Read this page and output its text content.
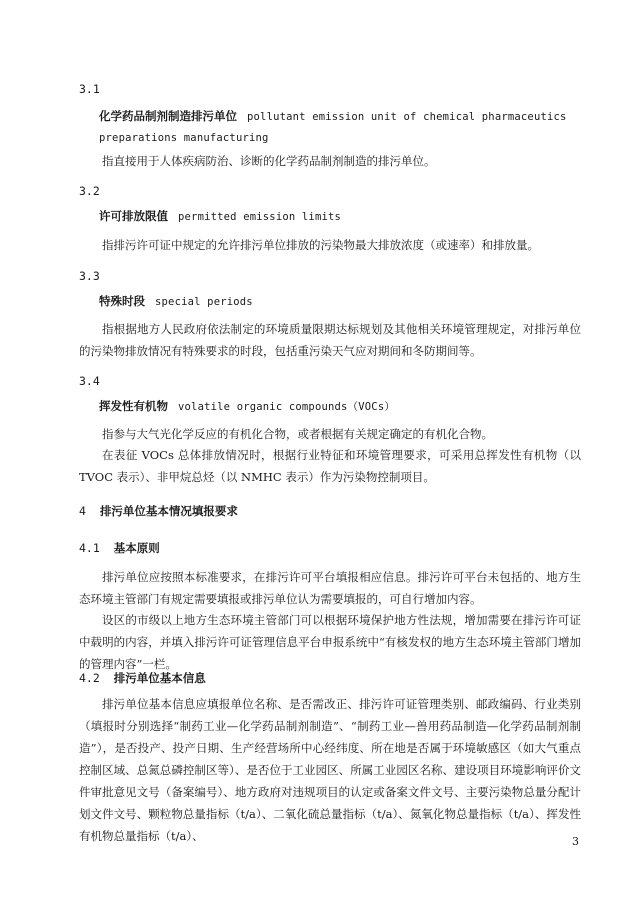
3.1
化学药品制剂制造排污单位 pollutant emission unit of chemical pharmaceutics preparations manufacturing
指直接用于人体疾病防治、诊断的化学药品制剂制造的排污单位。
3.2
许可排放限值 permitted emission limits
指排污许可证中规定的允许排污单位排放的污染物最大排放浓度（或速率）和排放量。
3.3
特殊时段 special periods
指根据地方人民政府依法制定的环境质量限期达标规划及其他相关环境管理规定，对排污单位的污染物排放情况有特殊要求的时段，包括重污染天气应对期间和冬防期间等。
3.4
挥发性有机物 volatile organic compounds（VOCs）
指参与大气光化学反应的有机化合物，或者根据有关规定确定的有机化合物。
在表征 VOCs 总体排放情况时，根据行业特征和环境管理要求，可采用总挥发性有机物（以 TVOC 表示）、非甲烷总烃（以 NMHC 表示）作为污染物控制项目。
4 排污单位基本情况填报要求
4.1 基本原则
排污单位应按照本标准要求，在排污许可平台填报相应信息。排污许可平台未包括的、地方生态环境主管部门有规定需要填报或排污单位认为需要填报的，可自行增加内容。
设区的市级以上地方生态环境主管部门可以根据环境保护地方性法规，增加需要在排污许可证中载明的内容，并填入排污许可证管理信息平台申报系统中“有核发权的地方生态环境主管部门增加的管理内容”一栏。
4.2 排污单位基本信息
排污单位基本信息应填报单位名称、是否需改正、排污许可证管理类别、邮政编码、行业类别（填报时分别选择“制药工业—化学药品制剂制造”、“制药工业—兽用药品制造—化学药品制剂制造”），是否投产、投产日期、生产经营场所中心经纬度、所在地是否属于环境敏感区（如大气重点控制区域、总氮总磷控制区等）、是否位于工业园区、所属工业园区名称、建设项目环境影响评价文件审批意见文号（备案编号）、地方政府对违规项目的认定或备案文件文号、主要污染物总量分配计划文件文号、颗粒物总量指标（t/a）、二氧化硫总量指标（t/a）、氮氧化物总量指标（t/a）、挥发性有机物总量指标（t/a）、	3
